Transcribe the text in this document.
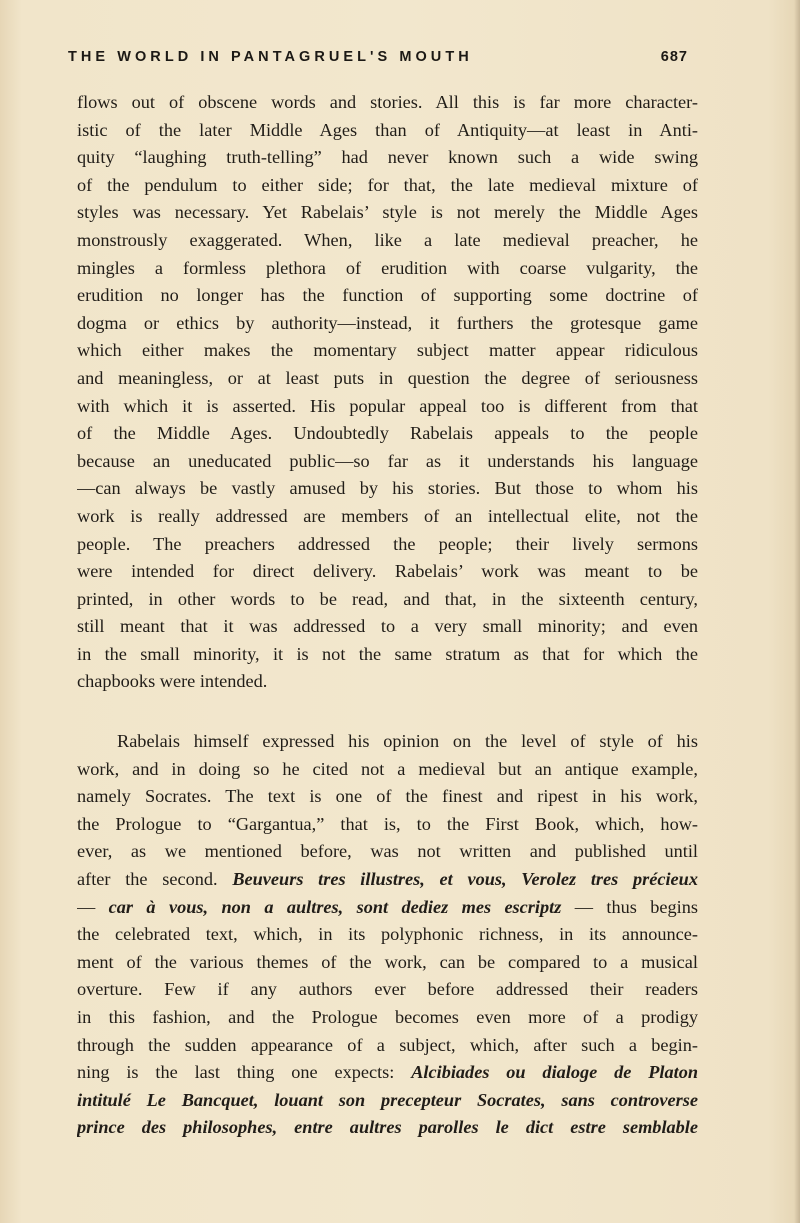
THE WORLD IN PANTAGRUEL'S MOUTH	687
flows out of obscene words and stories. All this is far more character-
istic of the later Middle Ages than of Antiquity—at least in Anti-
quity “laughing truth-telling” had never known such a wide swing
of the pendulum to either side; for that, the late medieval mixture of
styles was necessary. Yet Rabelais’ style is not merely the Middle Ages
monstrously exaggerated. When, like a late medieval preacher, he
mingles a formless plethora of erudition with coarse vulgarity, the
erudition no longer has the function of supporting some doctrine of
dogma or ethics by authority—instead, it furthers the grotesque game
which either makes the momentary subject matter appear ridiculous
and meaningless, or at least puts in question the degree of seriousness
with which it is asserted. His popular appeal too is different from that
of the Middle Ages. Undoubtedly Rabelais appeals to the people
because an uneducated public—so far as it understands his language
—can always be vastly amused by his stories. But those to whom his
work is really addressed are members of an intellectual elite, not the
people. The preachers addressed the people; their lively sermons
were intended for direct delivery. Rabelais’ work was meant to be
printed, in other words to be read, and that, in the sixteenth century,
still meant that it was addressed to a very small minority; and even
in the small minority, it is not the same stratum as that for which the
chapbooks were intended.
Rabelais himself expressed his opinion on the level of style of his
work, and in doing so he cited not a medieval but an antique example,
namely Socrates. The text is one of the finest and ripest in his work,
the Prologue to “Gargantua,” that is, to the First Book, which, how-
ever, as we mentioned before, was not written and published until
after the second. Beuveurs tres illustres, et vous, Verolez tres précieux
— car à vous, non a aultres, sont dediez mes escriptz — thus begins
the celebrated text, which, in its polyphonic richness, in its announce-
ment of the various themes of the work, can be compared to a musical
overture. Few if any authors ever before addressed their readers
in this fashion, and the Prologue becomes even more of a prodigy
through the sudden appearance of a subject, which, after such a begin-
ning is the last thing one expects: Alcibiades ou dialoge de Platon
intitulé Le Bancquet, louant son precepteur Socrates, sans controverse
prince des philosophes, entre aultres parolles le dict estre semblable
